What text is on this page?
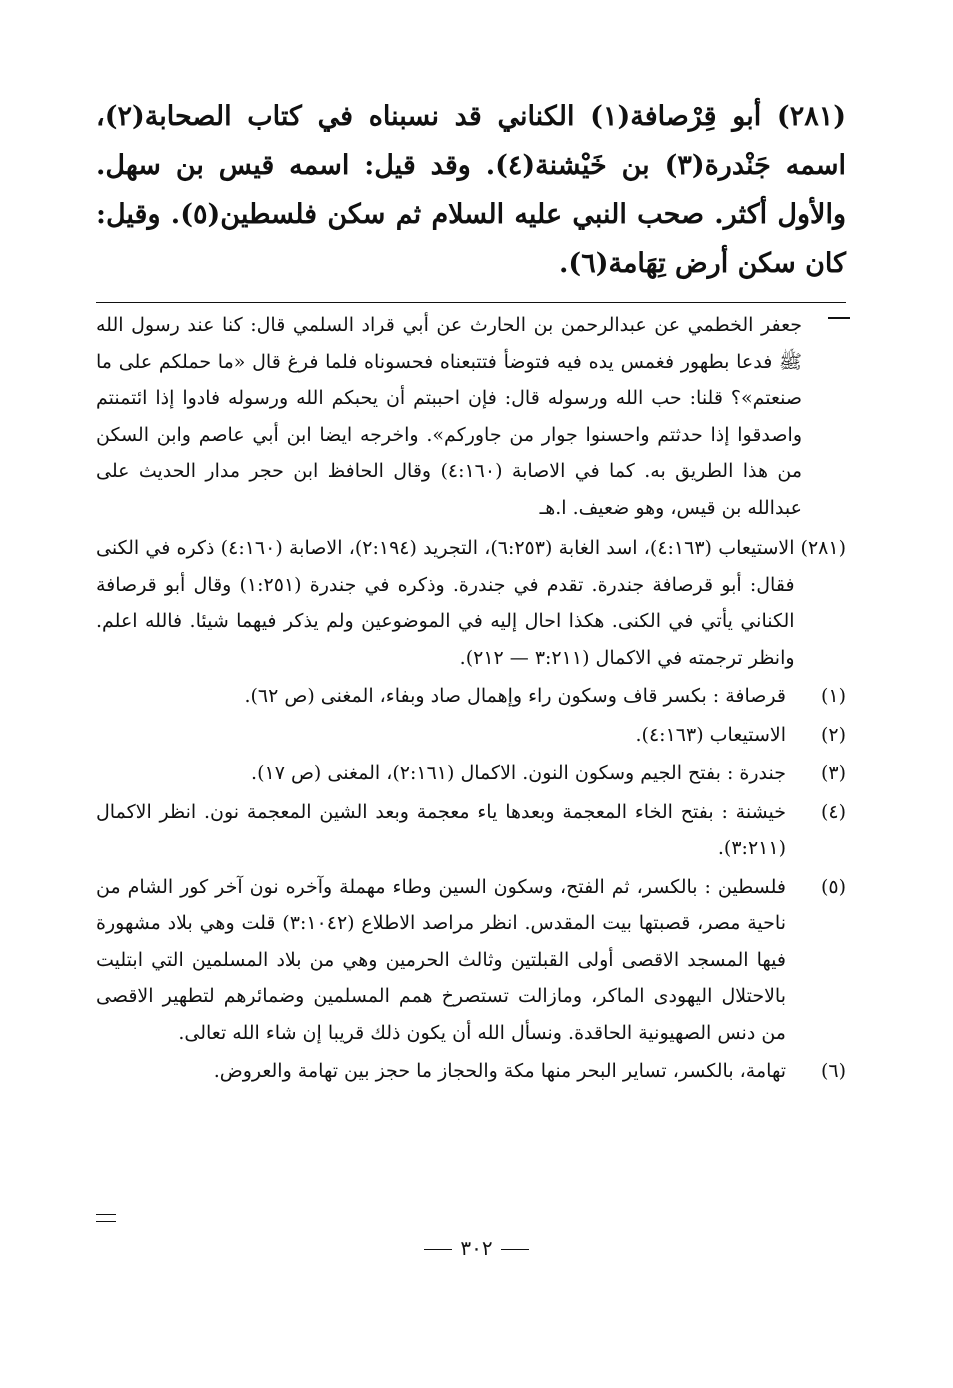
(٢٨١) أبو قِرْصافة(١) الكناني قد نسبناه في كتاب الصحابة(٢)، اسمه جَنْدرة(٣) بن خَيْشنة(٤). وقد قيل: اسمه قيس بن سهل. والأول أكثر. صحب النبي عليه السلام ثم سكن فلسطين(٥). وقيل: كان سكن أرض تِهَامة(٦).

جعفر الخطمي عن عبدالرحمن بن الحارث عن أبي قراد السلمي قال: كنا عند رسول الله ﷺ فدعا بطهور فغمس يده فيه فتوضأ فتتبعناه فحسوناه فلما فرغ قال «ما حملكم على ما صنعتم»؟ قلنا: حب الله ورسوله قال: فإن احببتم أن يحبكم الله ورسوله فادوا إذا ائتمنتم واصدقوا إذا حدثتم واحسنوا جوار من جاوركم». واخرجه ايضا ابن أبي عاصم وابن السكن من هذا الطريق به. كما في الاصابة (٤:١٦٠) وقال الحافظ ابن حجر مدار الحديث على عبدالله بن قيس، وهو ضعيف. ا.هـ

(٢٨١)
الاستيعاب (٤:١٦٣)، اسد الغابة (٦:٢٥٣)، التجريد (٢:١٩٤)، الاصابة (٤:١٦٠) ذكره في الكنى فقال: أبو قرصافة جندرة. تقدم في جندرة. وذكره في جندرة (١:٢٥١) وقال أبو قرصافة الكناني يأتي في الكنى. هكذا احال إليه في الموضوعين ولم يذكر فيهما شيئا. فالله اعلم. وانظر ترجمته في الاكمال (٣:٢١١ — ٢١٢).
(١)
قرصافة : بكسر قاف وسكون راء وإهمال صاد وبفاء، المغنى (ص ٦٢).
(٢)
الاستيعاب (٤:١٦٣).
(٣)
جندرة : بفتح الجيم وسكون النون. الاكمال (٢:١٦١)، المغنى (ص ١٧).
(٤)
خيشنة : بفتح الخاء المعجمة وبعدها ياء معجمة وبعد الشين المعجمة نون. انظر الاكمال (٣:٢١١).
(٥)
فلسطين : بالكسر، ثم الفتح، وسكون السين وطاء مهملة وآخره نون آخر كور الشام من ناحية مصر، قصبتها بيت المقدس. انظر مراصد الاطلاع (٣:١٠٤٢) قلت وهي بلاد مشهورة فيها المسجد الاقصى أولى القبلتين وثالث الحرمين وهي من بلاد المسلمين التي ابتليت بالاحتلال اليهودى الماكر، ومازالت تستصرخ همم المسلمين وضمائرهم لتطهير الاقصى من دنس الصهيونية الحاقدة. ونسأل الله أن يكون ذلك قريبا إن شاء الله تعالى.
(٦)
تهامة، بالكسر، تساير البحر منها مكة والحجاز ما حجز بين تهامة والعروض.
٣٠٢
